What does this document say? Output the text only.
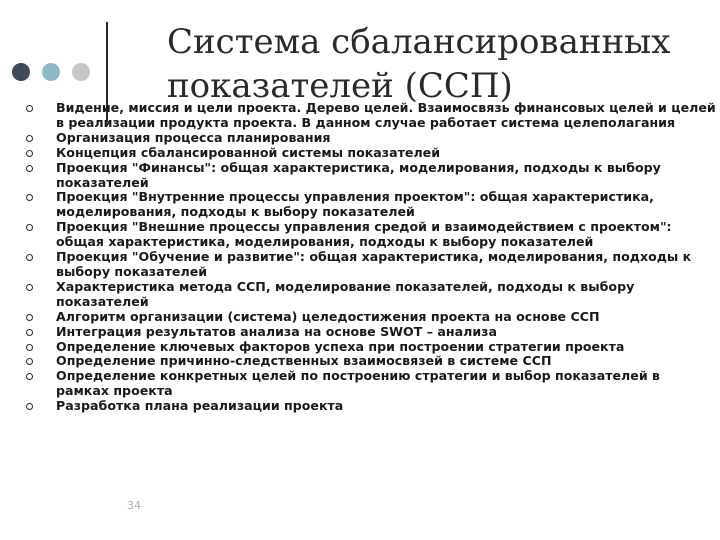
Система сбалансированных
показателей (ССП)
Видение, миссия и цели проекта. Дерево целей. Взаимосвязь финансовых целей и целей в реализации продукта проекта. В данном случае работает система целеполагания
Организация процесса планирования
Концепция сбалансированной системы показателей
Проекция "Финансы": общая характеристика, моделирования, подходы к выбору показателей
Проекция "Внутренние процессы управления проектом": общая характеристика, моделирования, подходы к выбору показателей
Проекция "Внешние процессы управления средой и взаимодействием с проектом": общая характеристика, моделирования, подходы к выбору показателей
Проекция "Обучение и развитие": общая характеристика, моделирования, подходы к выбору показателей
Характеристика метода ССП, моделирование показателей, подходы к выбору показателей
Алгоритм организации (система) целедостижения проекта на основе ССП
Интеграция результатов анализа на основе SWOT – анализа
Определение ключевых факторов успеха при построении стратегии проекта
Определение причинно-следственных взаимосвязей в системе ССП
Определение конкретных целей по построению стратегии и выбор показателей в рамках проекта
Разработка плана реализации проекта
34
